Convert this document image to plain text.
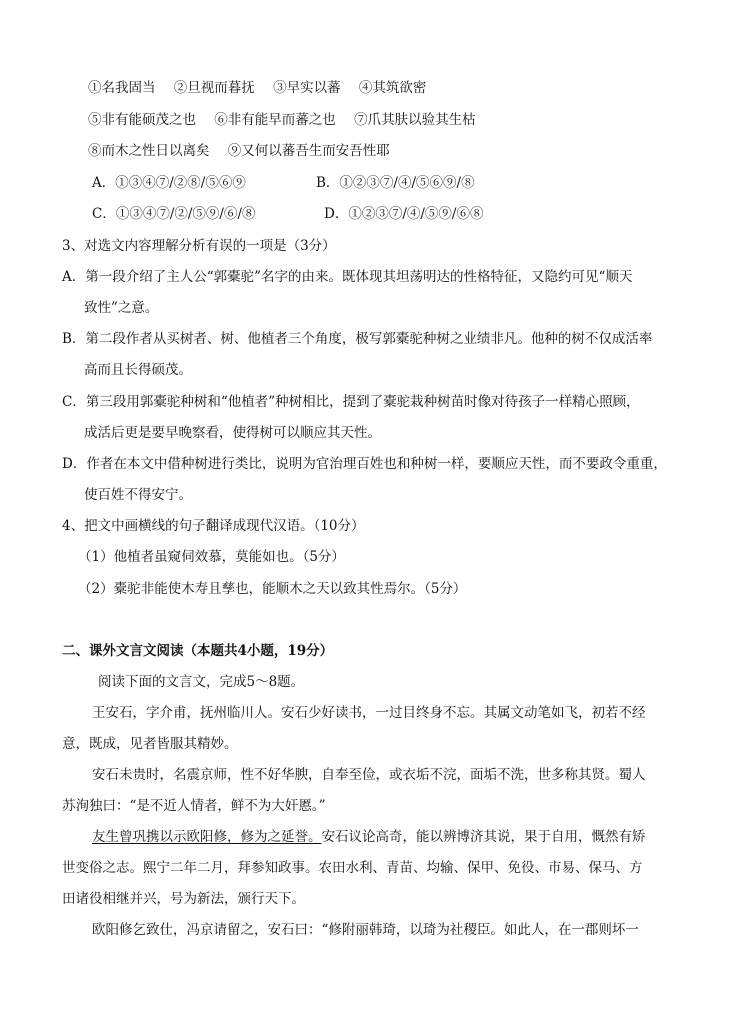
①名我固当 ②旦视而暮抚 ③早实以蕃 ④其筑欲密
⑤非有能硕茂之也 ⑥非有能早而蕃之也 ⑦爪其肤以验其生枯
⑧而木之性日以离矣 ⑨又何以蕃吾生而安吾性耶
A．①③④⑦/②⑧/⑤⑥⑨	B．①②③⑦/④/⑤⑥⑨/⑧
C．①③④⑦/②/⑤⑨/⑥/⑧	D．①②③⑦/④/⑤⑨/⑥⑧
3、对选文内容理解分析有误的一项是（3分）
A．第一段介绍了主人公“郭橐驼”名字的由来。既体现其坦荡明达的性格特征，又隐约可见“顺天
致性”之意。
B．第二段作者从买树者、树、他植者三个角度，极写郭橐驼种树之业绩非凡。他种的树不仅成活率
高而且长得硕茂。
C．第三段用郭橐驼种树和“他植者”种树相比，提到了橐驼栽种树苗时像对待孩子一样精心照顾，
成活后更是要早晚察看，使得树可以顺应其天性。
D．作者在本文中借种树进行类比，说明为官治理百姓也和种树一样，要顺应天性，而不要政令重重，
使百姓不得安宁。
4、把文中画横线的句子翻译成现代汉语。（10分）
（1）他植者虽窥伺效慕，莫能如也。（5分）
（2）橐驼非能使木寿且孳也，能顺木之天以致其性焉尔。（5分）
二、课外文言文阅读（本题共4小题，19分）
阅读下面的文言文，完成5～8题。
王安石，字介甫，抚州临川人。安石少好读书，一过目终身不忘。其属文动笔如飞，初若不经
意，既成，见者皆服其精妙。
安石未贵时，名震京师，性不好华腴，自奉至俭，或衣垢不浣，面垢不洗，世多称其贤。蜀人
苏洵独曰：“是不近人情者，鲜不为大奸慝。”
友生曾巩携以示欧阳修，修为之延誉。安石议论高奇，能以辨博济其说，果于自用，慨然有矫
世变俗之志。熙宁二年二月，拜参知政事。农田水利、青苗、均输、保甲、免役、市易、保马、方
田诸役相继并兴，号为新法，颁行天下。
欧阳修乞致仕，冯京请留之，安石曰：“修附丽韩琦，以琦为社稷臣。如此人，在一郡则坏一
